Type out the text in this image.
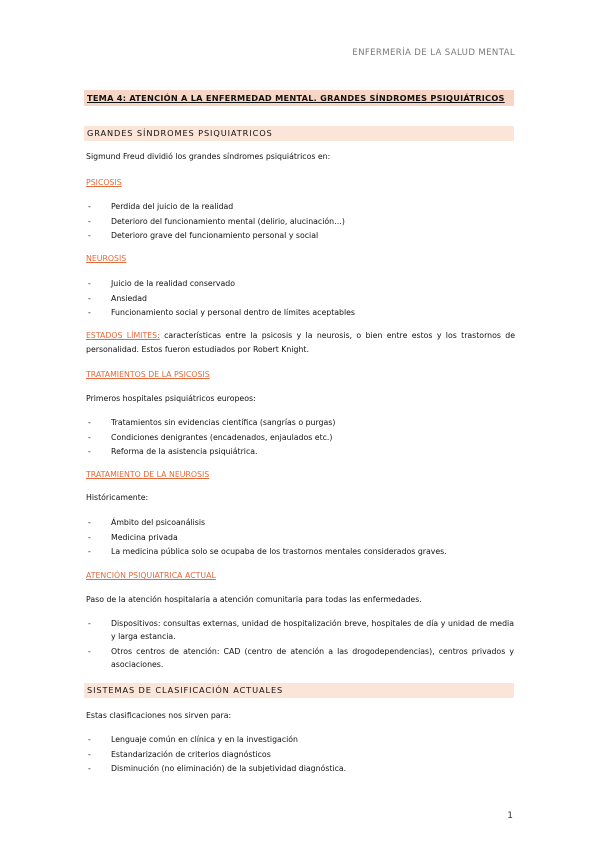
ENFERMERÍA DE LA SALUD MENTAL
TEMA 4: ATENCIÓN A LA ENFERMEDAD MENTAL. GRANDES SÍNDROMES PSIQUIÁTRICOS
GRANDES SÍNDROMES PSIQUIATRICOS
Sigmund Freud dividió los grandes síndromes psiquiátricos en:
PSICOSIS
- Perdida del juicio de la realidad
- Deterioro del funcionamiento mental (delirio, alucinación…)
- Deterioro grave del funcionamiento personal y social
NEUROSIS
- Juicio de la realidad conservado
- Ansiedad
- Funcionamiento social y personal dentro de límites aceptables
ESTADOS LÍMITES: características entre la psicosis y la neurosis, o bien entre estos y los trastornos de personalidad. Estos fueron estudiados por Robert Knight.
TRATAMIENTOS DE LA PSICOSIS
Primeros hospitales psiquiátricos europeos:
- Tratamientos sin evidencias científica (sangrías o purgas)
- Condiciones denigrantes (encadenados, enjaulados etc.)
- Reforma de la asistencia psiquiátrica.
TRATAMIENTO DE LA NEUROSIS
Históricamente:
- Ámbito del psicoanálisis
- Medicina privada
- La medicina pública solo se ocupaba de los trastornos mentales considerados graves.
ATENCIÓN PSIQUIATRICA ACTUAL
Paso de la atención hospitalaria a atención comunitaria para todas las enfermedades.
- Dispositivos: consultas externas, unidad de hospitalización breve, hospitales de día y unidad de media y larga estancia.
- Otros centros de atención: CAD (centro de atención a las drogodependencias), centros privados y asociaciones.
SISTEMAS DE CLASIFICACIÓN ACTUALES
Estas clasificaciones nos sirven para:
- Lenguaje común en clínica y en la investigación
- Estandarización de criterios diagnósticos
- Disminución (no eliminación) de la subjetividad diagnóstica.
1
